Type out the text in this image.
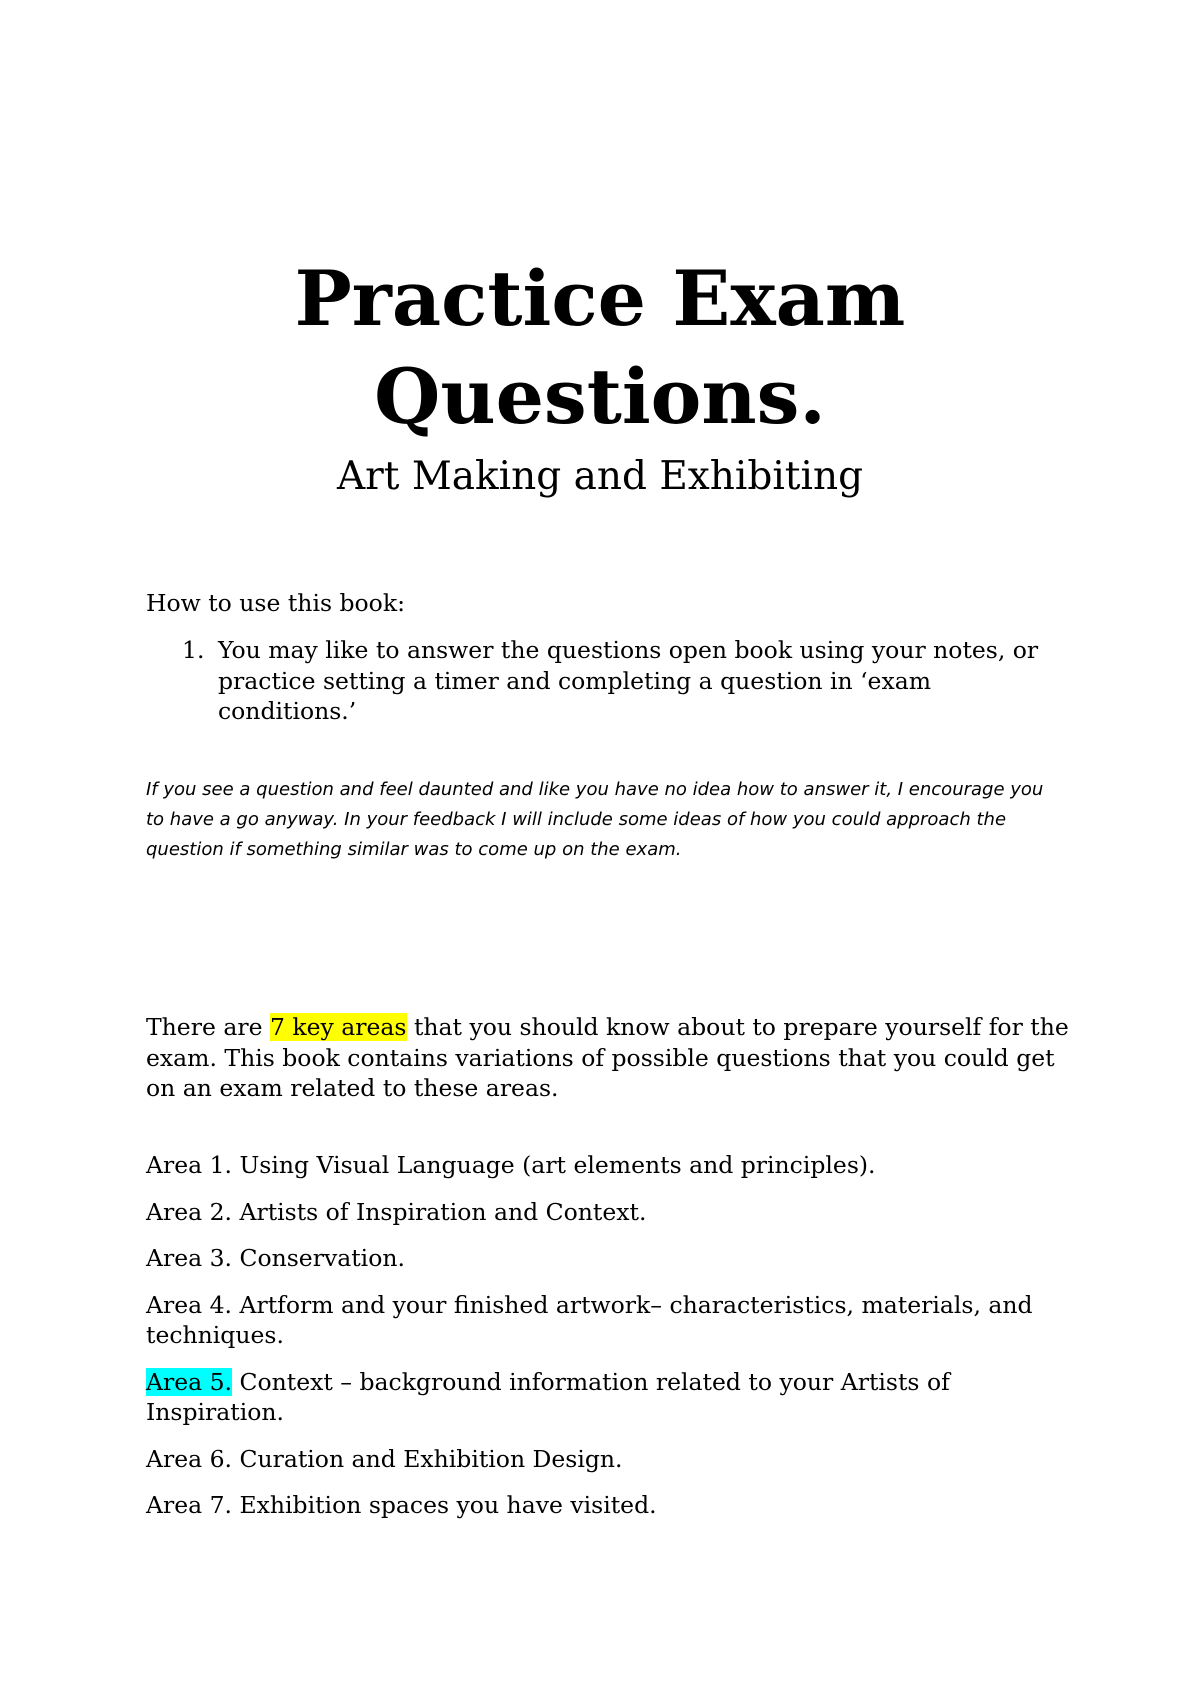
Practice Exam
Questions.

Art Making and Exhibiting

How to use this book:

1. You may like to answer the questions open book using your notes, or practice setting a timer and completing a question in ‘exam conditions.’

If you see a question and feel daunted and like you have no idea how to answer it, I encourage you to have a go anyway. In your feedback I will include some ideas of how you could approach the question if something similar was to come up on the exam.

There are 7 key areas that you should know about to prepare yourself for the exam. This book contains variations of possible questions that you could get on an exam related to these areas.

Area 1. Using Visual Language (art elements and principles).

Area 2. Artists of Inspiration and Context.

Area 3. Conservation.

Area 4. Artform and your finished artwork– characteristics, materials, and techniques.

Area 5. Context – background information related to your Artists of Inspiration.

Area 6. Curation and Exhibition Design.

Area 7. Exhibition spaces you have visited.
